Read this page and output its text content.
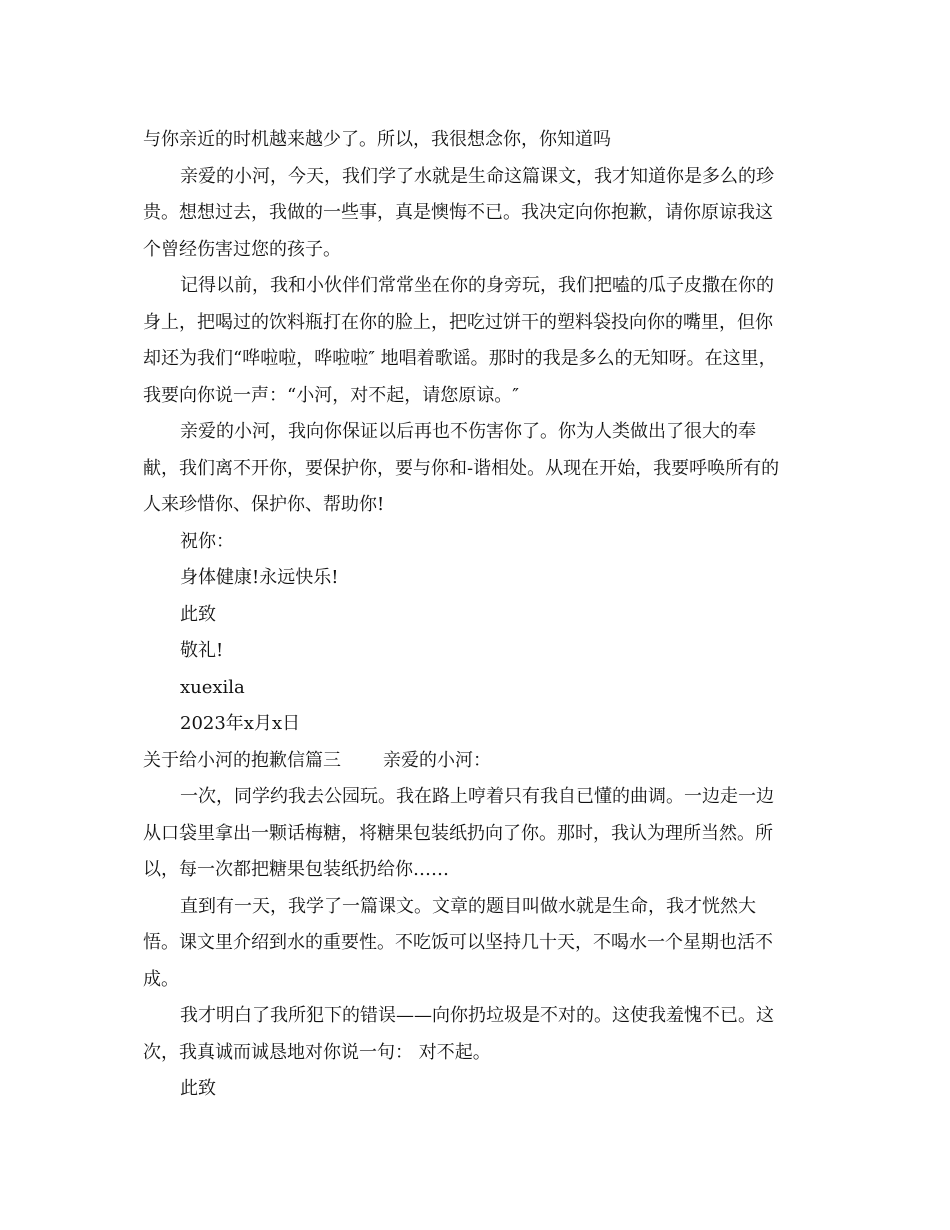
与你亲近的时机越来越少了。所以，我很想念你，你知道吗
亲爱的小河，今天，我们学了水就是生命这篇课文，我才知道你是多么的珍
贵。想想过去，我做的一些事，真是懊悔不已。我决定向你抱歉，请你原谅我这
个曾经伤害过您的孩子。
记得以前，我和小伙伴们常常坐在你的身旁玩，我们把嗑的瓜子皮撒在你的
身上，把喝过的饮料瓶打在你的脸上，把吃过饼干的塑料袋投向你的嘴里，但你
却还为我们“哗啦啦，哗啦啦″ 地唱着歌谣。那时的我是多么的无知呀。在这里，
我要向你说一声：“小河，对不起，请您原谅。″
亲爱的小河，我向你保证以后再也不伤害你了。你为人类做出了很大的奉
献，我们离不开你，要保护你，要与你和-谐相处。从现在开始，我要呼唤所有的
人来珍惜你、保护你、帮助你!
祝你：
身体健康!永远快乐!
此致
敬礼!
xuexila
2023年x月x日
关于给小河的抱歉信篇三	亲爱的小河：
一次，同学约我去公园玩。我在路上哼着只有我自已懂的曲调。一边走一边
从口袋里拿出一颗话梅糖，将糖果包装纸扔向了你。那时，我认为理所当然。所
以，每一次都把糖果包装纸扔给你……
直到有一天，我学了一篇课文。文章的题目叫做水就是生命，我才恍然大
悟。课文里介绍到水的重要性。不吃饭可以坚持几十天，不喝水一个星期也活不
成。
我才明白了我所犯下的错误——向你扔垃圾是不对的。这使我羞愧不已。这
次，我真诚而诚恳地对你说一句： 对不起。
此致
